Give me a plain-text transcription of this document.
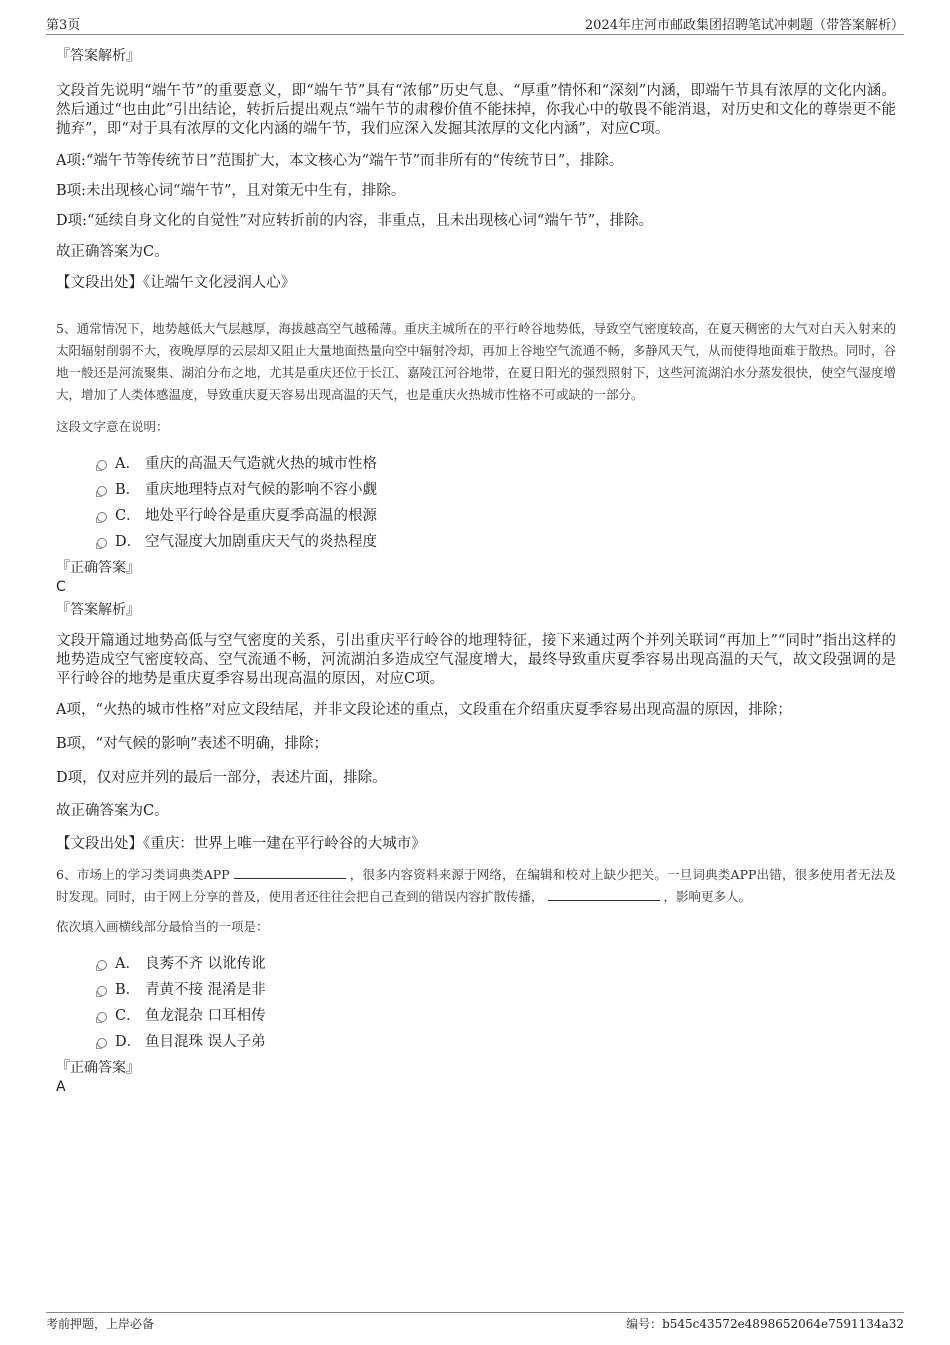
第3页	2024年庄河市邮政集团招聘笔试冲刺题（带答案解析）

『答案解析』

文段首先说明“端午节”的重要意义，即“端午节”具有“浓郁”历史气息、“厚重”情怀和“深刻”内涵，即端午节具有浓厚的文化内涵。然后通过“也由此”引出结论，转折后提出观点“端午节的肃穆价值不能抹掉，你我心中的敬畏不能消退，对历史和文化的尊崇更不能抛弃”，即“对于具有浓厚的文化内涵的端午节，我们应深入发掘其浓厚的文化内涵”，对应C项。

A项:“端午节等传统节日”范围扩大，本文核心为“端午节”而非所有的“传统节日”，排除。

B项:未出现核心词“端午节”，且对策无中生有，排除。

D项:“延续自身文化的自觉性”对应转折前的内容，非重点，且未出现核心词“端午节”，排除。

故正确答案为C。

【文段出处】《让端午文化浸润人心》

5、通常情况下，地势越低大气层越厚，海拔越高空气越稀薄。重庆主城所在的平行岭谷地势低，导致空气密度较高，在夏天稠密的大气对白天入射来的太阳辐射削弱不大，夜晚厚厚的云层却又阻止大量地面热量向空中辐射冷却，再加上谷地空气流通不畅，多静风天气，从而使得地面难于散热。同时，谷地一般还是河流聚集、湖泊分布之地，尤其是重庆还位于长江、嘉陵江河谷地带，在夏日阳光的强烈照射下，这些河流湖泊水分蒸发很快，使空气湿度增大，增加了人类体感温度，导致重庆夏天容易出现高温的天气，也是重庆火热城市性格不可或缺的一部分。

这段文字意在说明：

A． 重庆的高温天气造就火热的城市性格
B． 重庆地理特点对气候的影响不容小觑
C． 地处平行岭谷是重庆夏季高温的根源
D． 空气湿度大加剧重庆天气的炎热程度

『正确答案』

C

『答案解析』

文段开篇通过地势高低与空气密度的关系，引出重庆平行岭谷的地理特征，接下来通过两个并列关联词“再加上”“同时”指出这样的地势造成空气密度较高、空气流通不畅，河流湖泊多造成空气湿度增大，最终导致重庆夏季容易出现高温的天气，故文段强调的是平行岭谷的地势是重庆夏季容易出现高温的原因，对应C项。

A项，“火热的城市性格”对应文段结尾，并非文段论述的重点，文段重在介绍重庆夏季容易出现高温的原因，排除；

B项，“对气候的影响”表述不明确，排除；

D项，仅对应并列的最后一部分，表述片面，排除。

故正确答案为C。

【文段出处】《重庆：世界上唯一建在平行岭谷的大城市》

6、市场上的学习类词典类APP	，很多内容资料来源于网络，在编辑和校对上缺少把关。一旦词典类APP出错，很多使用者无法及时发现。同时，由于网上分享的普及，使用者还往往会把自己查到的错误内容扩散传播，	，影响更多人。

依次填入画横线部分最恰当的一项是：

A． 良莠不齐 以讹传讹
B． 青黄不接 混淆是非
C． 鱼龙混杂 口耳相传
D． 鱼目混珠 误人子弟

『正确答案』

A

考前押题，上岸必备	编号：b545c43572e4898652064e7591134a32
